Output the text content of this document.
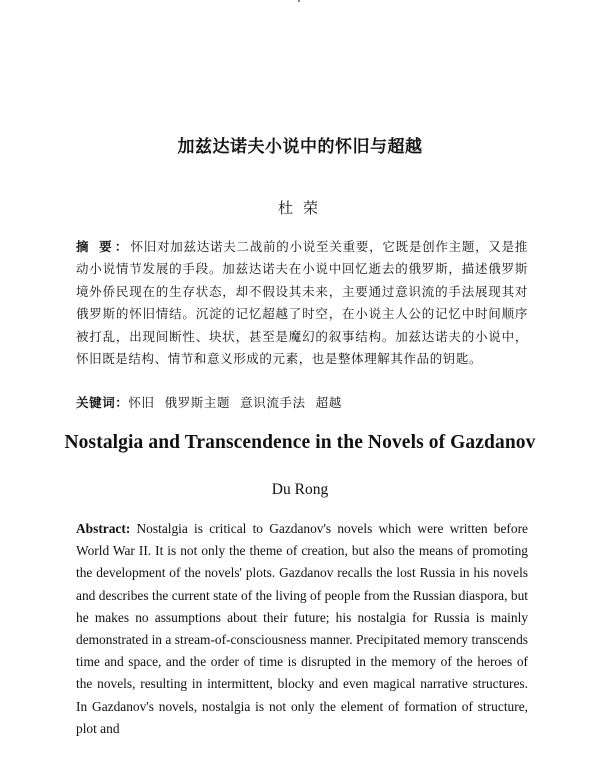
加兹达诺夫小说中的怀旧与超越
杜荣
摘 要：怀旧对加兹达诺夫二战前的小说至关重要，它既是创作主题，又是推动小说情节发展的手段。加兹达诺夫在小说中回忆逝去的俄罗斯，描述俄罗斯境外侨民现在的生存状态，却不假设其未来，主要通过意识流的手法展现其对俄罗斯的怀旧情结。沉淀的记忆超越了时空，在小说主人公的记忆中时间顺序被打乱，出现间断性、块状，甚至是魔幻的叙事结构。加兹达诺夫的小说中，怀旧既是结构、情节和意义形成的元素，也是整体理解其作品的钥匙。
关键词：怀旧 俄罗斯主题 意识流手法 超越
Nostalgia and Transcendence in the Novels of Gazdanov
Du Rong
Abstract: Nostalgia is critical to Gazdanov's novels which were written before World War II. It is not only the theme of creation, but also the means of promoting the development of the novels' plots. Gazdanov recalls the lost Russia in his novels and describes the current state of the living of people from the Russian diaspora, but he makes no assumptions about their future; his nostalgia for Russia is mainly demonstrated in a stream-of-consciousness manner. Precipitated memory transcends time and space, and the order of time is disrupted in the memory of the heroes of the novels, resulting in intermittent, blocky and even magical narrative structures. In Gazdanov's novels, nostalgia is not only the element of formation of structure, plot and
